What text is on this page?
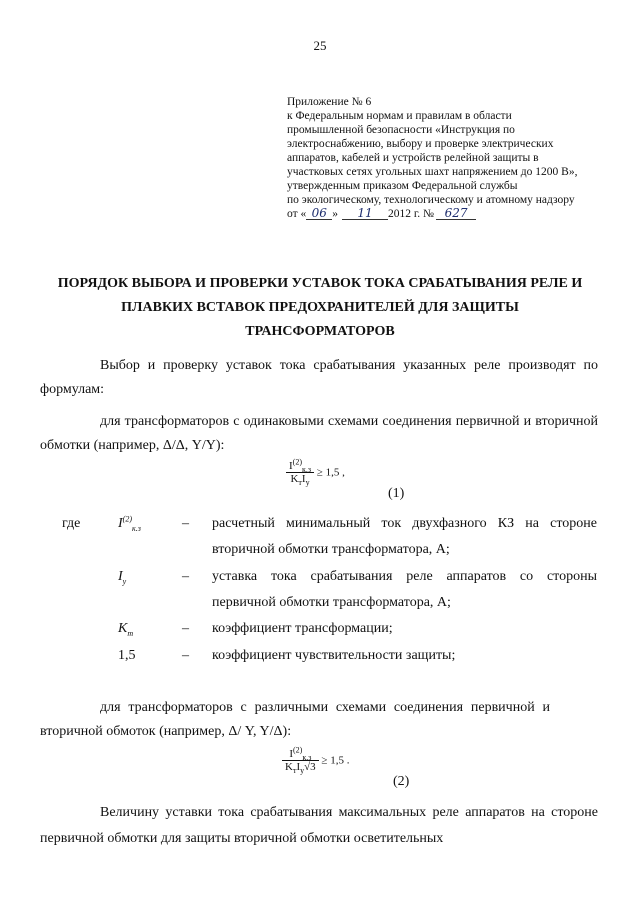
25
Приложение № 6
к Федеральным нормам и правилам в области
промышленной безопасности «Инструкция по
электроснабжению, выбору и проверке электрических
аппаратов, кабелей и устройств релейной защиты в
участковых сетях угольных шахт напряжением до 1200 В»,
утвержденным приказом Федеральной службы
по экологическому, технологическому и атомному надзору
от « 06 » 11 2012 г. № 627
ПОРЯДОК ВЫБОРА И ПРОВЕРКИ УСТАВОК ТОКА СРАБАТЫВАНИЯ РЕЛЕ И
ПЛАВКИХ ВСТАВОК ПРЕДОХРАНИТЕЛЕЙ ДЛЯ ЗАЩИТЫ
ТРАНСФОРМАТОРОВ
Выбор и проверку уставок тока срабатывания указанных реле производят по формулам:
для трансформаторов с одинаковыми схемами соединения первичной и вторичной обмотки (например, Δ/Δ, Y/Y):
$\frac{I^{(2)}_{к.з}}{K_тI_у} \ge 1,5$ ,
(1)
где	$I^{(2)}_{к.з}$	– расчетный минимальный ток двухфазного КЗ на стороне
вторичной обмотки трансформатора, А;
$I_у$	– уставка тока срабатывания реле аппаратов со стороны
первичной обмотки трансформатора, А;
$K_т$	– коэффициент трансформации;
1,5	– коэффициент чувствительности защиты;
для трансформаторов с различными схемами соединения первичной и вторичной обмоток (например, Δ/ Y, Y/Δ):
$\frac{I^{(2)}_{к.з}}{K_тI_у√3} \ge 1,5$ .
(2)
Величину уставки тока срабатывания максимальных реле аппаратов на стороне первичной обмотки для защиты вторичной обмотки осветительных
